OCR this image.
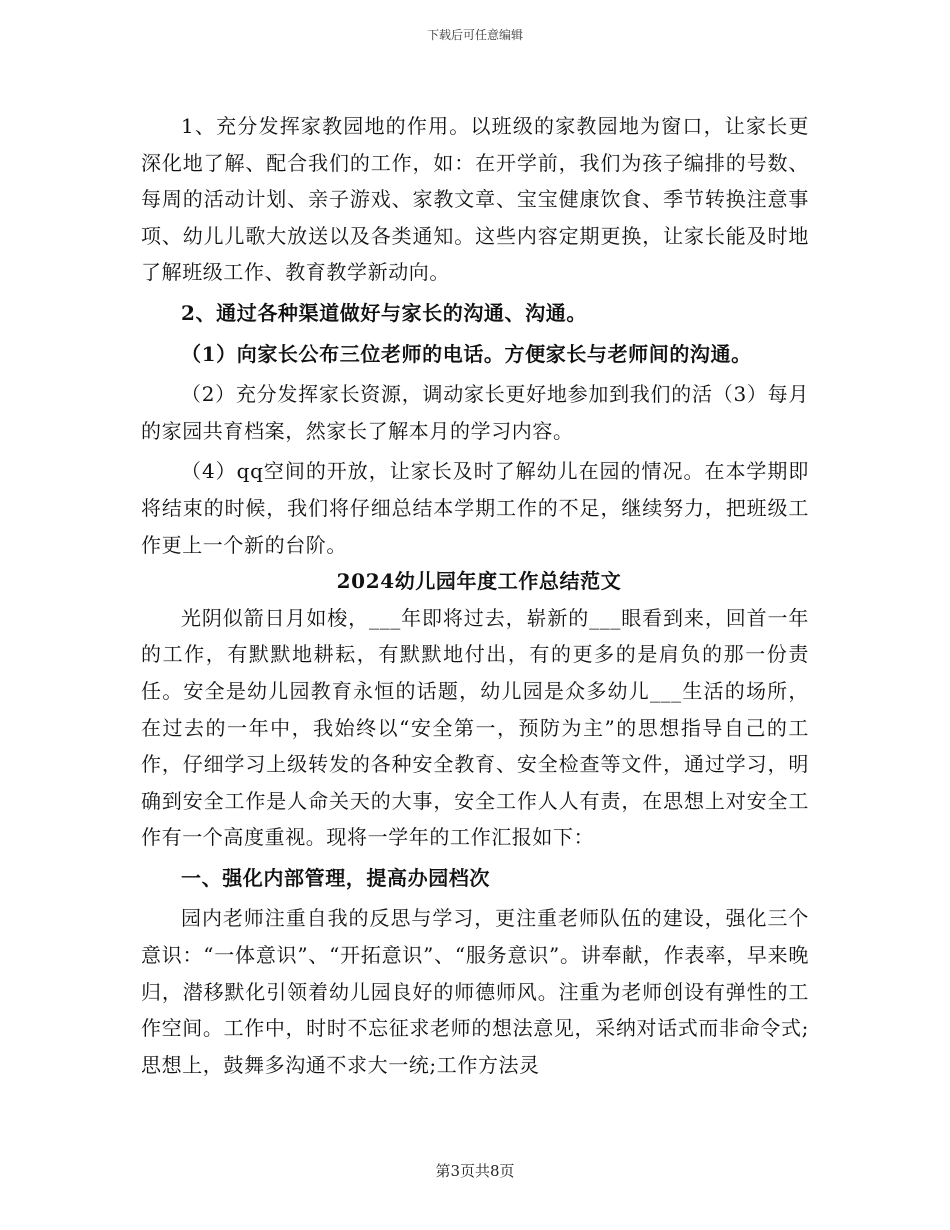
下载后可任意编辑

1、充分发挥家教园地的作用。以班级的家教园地为窗口，让家长更深化地了解、配合我们的工作，如：在开学前，我们为孩子编排的号数、每周的活动计划、亲子游戏、家教文章、宝宝健康饮食、季节转换注意事项、幼儿儿歌大放送以及各类通知。这些内容定期更换，让家长能及时地了解班级工作、教育教学新动向。

2、通过各种渠道做好与家长的沟通、沟通。

（1）向家长公布三位老师的电话。方便家长与老师间的沟通。

（2）充分发挥家长资源，调动家长更好地参加到我们的活（3）每月的家园共育档案，然家长了解本月的学习内容。

（4）qq空间的开放，让家长及时了解幼儿在园的情况。在本学期即将结束的时候，我们将仔细总结本学期工作的不足，继续努力，把班级工作更上一个新的台阶。

2024幼儿园年度工作总结范文

光阴似箭日月如梭，___年即将过去，崭新的___眼看到来，回首一年的工作，有默默地耕耘，有默默地付出，有的更多的是肩负的那一份责任。安全是幼儿园教育永恒的话题，幼儿园是众多幼儿___生活的场所，在过去的一年中，我始终以“安全第一，预防为主”的思想指导自己的工作，仔细学习上级转发的各种安全教育、安全检查等文件，通过学习，明确到安全工作是人命关天的大事，安全工作人人有责，在思想上对安全工作有一个高度重视。现将一学年的工作汇报如下：

一、强化内部管理，提高办园档次

园内老师注重自我的反思与学习，更注重老师队伍的建设，强化三个意识：“一体意识”、“开拓意识”、“服务意识”。讲奉献，作表率，早来晚归，潜移默化引领着幼儿园良好的师德师风。注重为老师创设有弹性的工作空间。工作中，时时不忘征求老师的想法意见，采纳对话式而非命令式;思想上，鼓舞多沟通不求大一统;工作方法灵

第3页共8页
